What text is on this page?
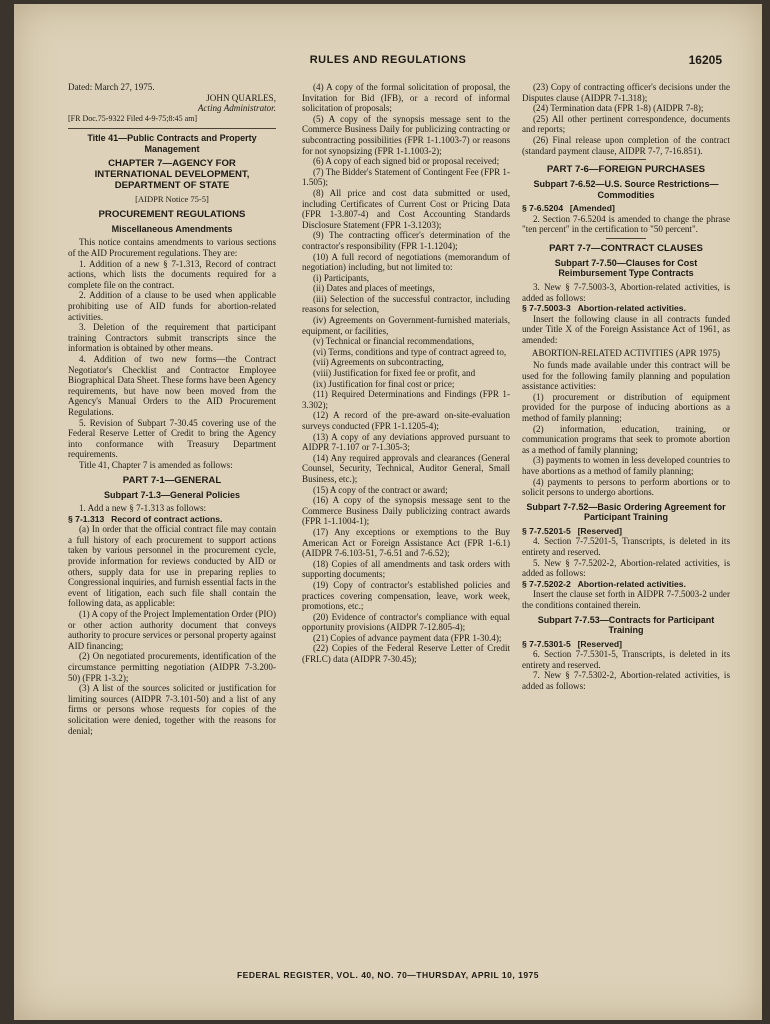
RULES AND REGULATIONS	16205

Dated: March 27, 1975.

JOHN QUARLES,
Acting Administrator.

[FR Doc.75-9322 Filed 4-9-75;8:45 am]

Title 41—Public Contracts and Property Management
CHAPTER 7—AGENCY FOR INTERNATIONAL DEVELOPMENT, DEPARTMENT OF STATE

[AIDPR Notice 75-5]

PROCUREMENT REGULATIONS
Miscellaneous Amendments

This notice contains amendments to various sections of the AID Procurement regulations. They are:

1. Addition of a new § 7-1.313, Record of contract actions, which lists the documents required for a complete file on the contract.

2. Addition of a clause to be used when applicable prohibiting use of AID funds for abortion-related activities.

3. Deletion of the requirement that participant training Contractors submit transcripts since the information is obtained by other means.

4. Addition of two new forms—the Contract Negotiator's Checklist and Contractor Employee Biographical Data Sheet. These forms have been Agency requirements, but have now been moved from the Agency's Manual Orders to the AID Procurement Regulations.

5. Revision of Subpart 7-30.45 covering use of the Federal Reserve Letter of Credit to bring the Agency into conformance with Treasury Department requirements.

Title 41, Chapter 7 is amended as follows:

PART 7-1—GENERAL
Subpart 7-1.3—General Policies

1. Add a new § 7-1.313 as follows:

§ 7-1.313 Record of contract actions.

(a) In order that the official contract file may contain a full history of each procurement to support actions taken by various personnel in the procurement cycle, provide information for reviews conducted by AID or others, supply data for use in preparing replies to Congressional inquiries, and furnish essential facts in the event of litigation, each such file shall contain the following data, as applicable:

(1) A copy of the Project Implementation Order (PIO) or other action authority document that conveys authority to procure services or personal property against AID financing;

(2) On negotiated procurements, identification of the circumstance permitting negotiation (AIDPR 7-3.200-50) (FPR 1-3.2);

(3) A list of the sources solicited or justification for limiting sources (AIDPR 7-3.101-50) and a list of any firms or persons whose requests for copies of the solicitation were denied, together with the reasons for denial;

(4) A copy of the formal solicitation of proposal, the Invitation for Bid (IFB), or a record of informal solicitation of proposals;

(5) A copy of the synopsis message sent to the Commerce Business Daily for publicizing contracting or subcontracting possibilities (FPR 1-1.1003-7) or reasons for not synopsizing (FPR 1-1.1003-2);

(6) A copy of each signed bid or proposal received;

(7) The Bidder's Statement of Contingent Fee (FPR 1-1.505);

(8) All price and cost data submitted or used, including Certificates of Current Cost or Pricing Data (FPR 1-3.807-4) and Cost Accounting Standards Disclosure Statement (FPR 1-3.1203);

(9) The contracting officer's determination of the contractor's responsibility (FPR 1-1.1204);

(10) A full record of negotiations (memorandum of negotiation) including, but not limited to:

(i) Participants,

(ii) Dates and places of meetings,

(iii) Selection of the successful contractor, including reasons for selection,

(iv) Agreements on Government-furnished materials, equipment, or facilities,

(v) Technical or financial recommendations,

(vi) Terms, conditions and type of contract agreed to,

(vii) Agreements on subcontracting,

(viii) Justification for fixed fee or profit, and

(ix) Justification for final cost or price;

(11) Required Determinations and Findings (FPR 1-3.302);

(12) A record of the pre-award on-site-evaluation surveys conducted (FPR 1-1.1205-4);

(13) A copy of any deviations approved pursuant to AIDPR 7-1.107 or 7-1.305-3;

(14) Any required approvals and clearances (General Counsel, Security, Technical, Auditor General, Small Business, etc.);

(15) A copy of the contract or award;

(16) A copy of the synopsis message sent to the Commerce Business Daily publicizing contract awards (FPR 1-1.1004-1);

(17) Any exceptions or exemptions to the Buy American Act or Foreign Assistance Act (FPR 1-6.1) (AIDPR 7-6.103-51, 7-6.51 and 7-6.52);

(18) Copies of all amendments and task orders with supporting documents;

(19) Copy of contractor's established policies and practices covering compensation, leave, work week, promotions, etc.;

(20) Evidence of contractor's compliance with equal opportunity provisions (AIDPR 7-12.805-4);

(21) Copies of advance payment data (FPR 1-30.4);

(22) Copies of the Federal Reserve Letter of Credit (FRLC) data (AIDPR 7-30.45);

(23) Copy of contracting officer's decisions under the Disputes clause (AIDPR 7-1.318);

(24) Termination data (FPR 1-8) (AIDPR 7-8);

(25) All other pertinent correspondence, documents and reports;

(26) Final release upon completion of the contract (standard payment clause, AIDPR 7-7, 7-16.851).

PART 7-6—FOREIGN PURCHASES
Subpart 7-6.52—U.S. Source Restrictions—Commodities

§ 7-6.5204 [Amended]

2. Section 7-6.5204 is amended to change the phrase "ten percent" in the certification to "50 percent".

PART 7-7—CONTRACT CLAUSES
Subpart 7-7.50—Clauses for Cost Reimbursement Type Contracts

3. New § 7-7.5003-3, Abortion-related activities, is added as follows:

§ 7-7.5003-3 Abortion-related activities.

Insert the following clause in all contracts funded under Title X of the Foreign Assistance Act of 1961, as amended:

ABORTION-RELATED ACTIVITIES (APR 1975)

No funds made available under this contract will be used for the following family planning and population assistance activities:

(1) procurement or distribution of equipment provided for the purpose of inducing abortions as a method of family planning;

(2) information, education, training, or communication programs that seek to promote abortion as a method of family planning;

(3) payments to women in less developed countries to have abortions as a method of family planning;

(4) payments to persons to perform abortions or to solicit persons to undergo abortions.

Subpart 7-7.52—Basic Ordering Agreement for Participant Training

§ 7-7.5201-5 [Reserved]

4. Section 7-7.5201-5, Transcripts, is deleted in its entirety and reserved.

5. New § 7-7.5202-2, Abortion-related activities, is added as follows:

§ 7-7.5202-2 Abortion-related activities.

Insert the clause set forth in AIDPR 7-7.5003-2 under the conditions contained therein.

Subpart 7-7.53—Contracts for Participant Training

§ 7-7.5301-5 [Reserved]

6. Section 7-7.5301-5, Transcripts, is deleted in its entirety and reserved.

7. New § 7-7.5302-2, Abortion-related activities, is added as follows:

FEDERAL REGISTER, VOL. 40, NO. 70—THURSDAY, APRIL 10, 1975
